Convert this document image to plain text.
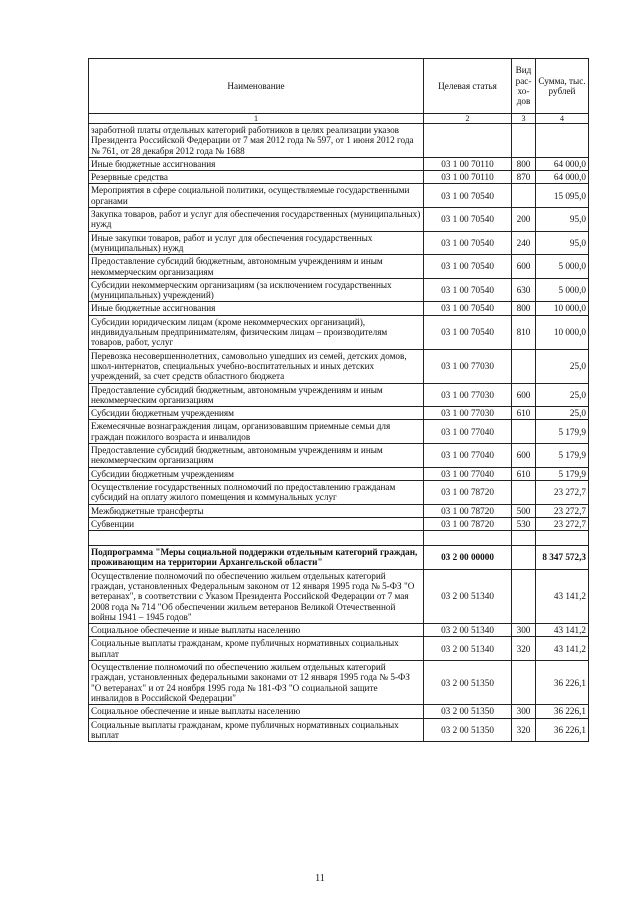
Наименование	Целевая статья	Вид рас-хо-дов	Сумма, тыс. рублей
1	2	3	4
заработной платы отдельных категорий работников в целях реализации указов Президента Российской Федерации от 7 мая 2012 года № 597, от 1 июня 2012 года № 761, от 28 декабря 2012 года № 1688			
Иные бюджетные ассигнования	03 1 00 70110	800	64 000,0
Резервные средства	03 1 00 70110	870	64 000,0
Мероприятия в сфере социальной политики, осуществляемые государственными органами	03 1 00 70540		15 095,0
Закупка товаров, работ и услуг для обеспечения государственных (муниципальных) нужд	03 1 00 70540	200	95,0
Иные закупки товаров, работ и услуг для обеспечения государственных (муниципальных) нужд	03 1 00 70540	240	95,0
Предоставление субсидий бюджетным, автономным учреждениям и иным некоммерческим организациям	03 1 00 70540	600	5 000,0
Субсидии некоммерческим организациям (за исключением государственных (муниципальных) учреждений)	03 1 00 70540	630	5 000,0
Иные бюджетные ассигнования	03 1 00 70540	800	10 000,0
Субсидии юридическим лицам (кроме некоммерческих организаций), индивидуальным предпринимателям, физическим лицам – производителям товаров, работ, услуг	03 1 00 70540	810	10 000,0
Перевозка несовершеннолетних, самовольно ушедших из семей, детских домов, школ-интернатов, специальных учебно-воспитательных и иных детских учреждений, за счет средств областного бюджета	03 1 00 77030		25,0
Предоставление субсидий бюджетным, автономным учреждениям и иным некоммерческим организациям	03 1 00 77030	600	25,0
Субсидии бюджетным учреждениям	03 1 00 77030	610	25,0
Ежемесячные вознаграждения лицам, организовавшим приемные семьи для граждан пожилого возраста и инвалидов	03 1 00 77040		5 179,9
Предоставление субсидий бюджетным, автономным учреждениям и иным некоммерческим организациям	03 1 00 77040	600	5 179,9
Субсидии бюджетным учреждениям	03 1 00 77040	610	5 179,9
Осуществление государственных полномочий по предоставлению гражданам субсидий на оплату жилого помещения и коммунальных услуг	03 1 00 78720		23 272,7
Межбюджетные трансферты	03 1 00 78720	500	23 272,7
Субвенции	03 1 00 78720	530	23 272,7

Подпрограмма "Меры социальной поддержки отдельным категорий граждан, проживающим на территории Архангельской области"	03 2 00 00000		8 347 572,3
Осуществление полномочий по обеспечению жильем отдельных категорий граждан, установленных Федеральным законом от 12 января 1995 года № 5-ФЗ "О ветеранах", в соответствии с Указом Президента Российской Федерации от 7 мая 2008 года № 714 "Об обеспечении жильем ветеранов Великой Отечественной войны 1941 – 1945 годов"	03 2 00 51340		43 141,2
Социальное обеспечение и иные выплаты населению	03 2 00 51340	300	43 141,2
Социальные выплаты гражданам, кроме публичных нормативных социальных выплат	03 2 00 51340	320	43 141,2
Осуществление полномочий по обеспечению жильем отдельных категорий граждан, установленных федеральными законами от 12 января 1995 года № 5-ФЗ "О ветеранах" и от 24 ноября 1995 года № 181-ФЗ "О социальной защите инвалидов в Российской Федерации"	03 2 00 51350		36 226,1
Социальное обеспечение и иные выплаты населению	03 2 00 51350	300	36 226,1
Социальные выплаты гражданам, кроме публичных нормативных социальных выплат	03 2 00 51350	320	36 226,1
11
